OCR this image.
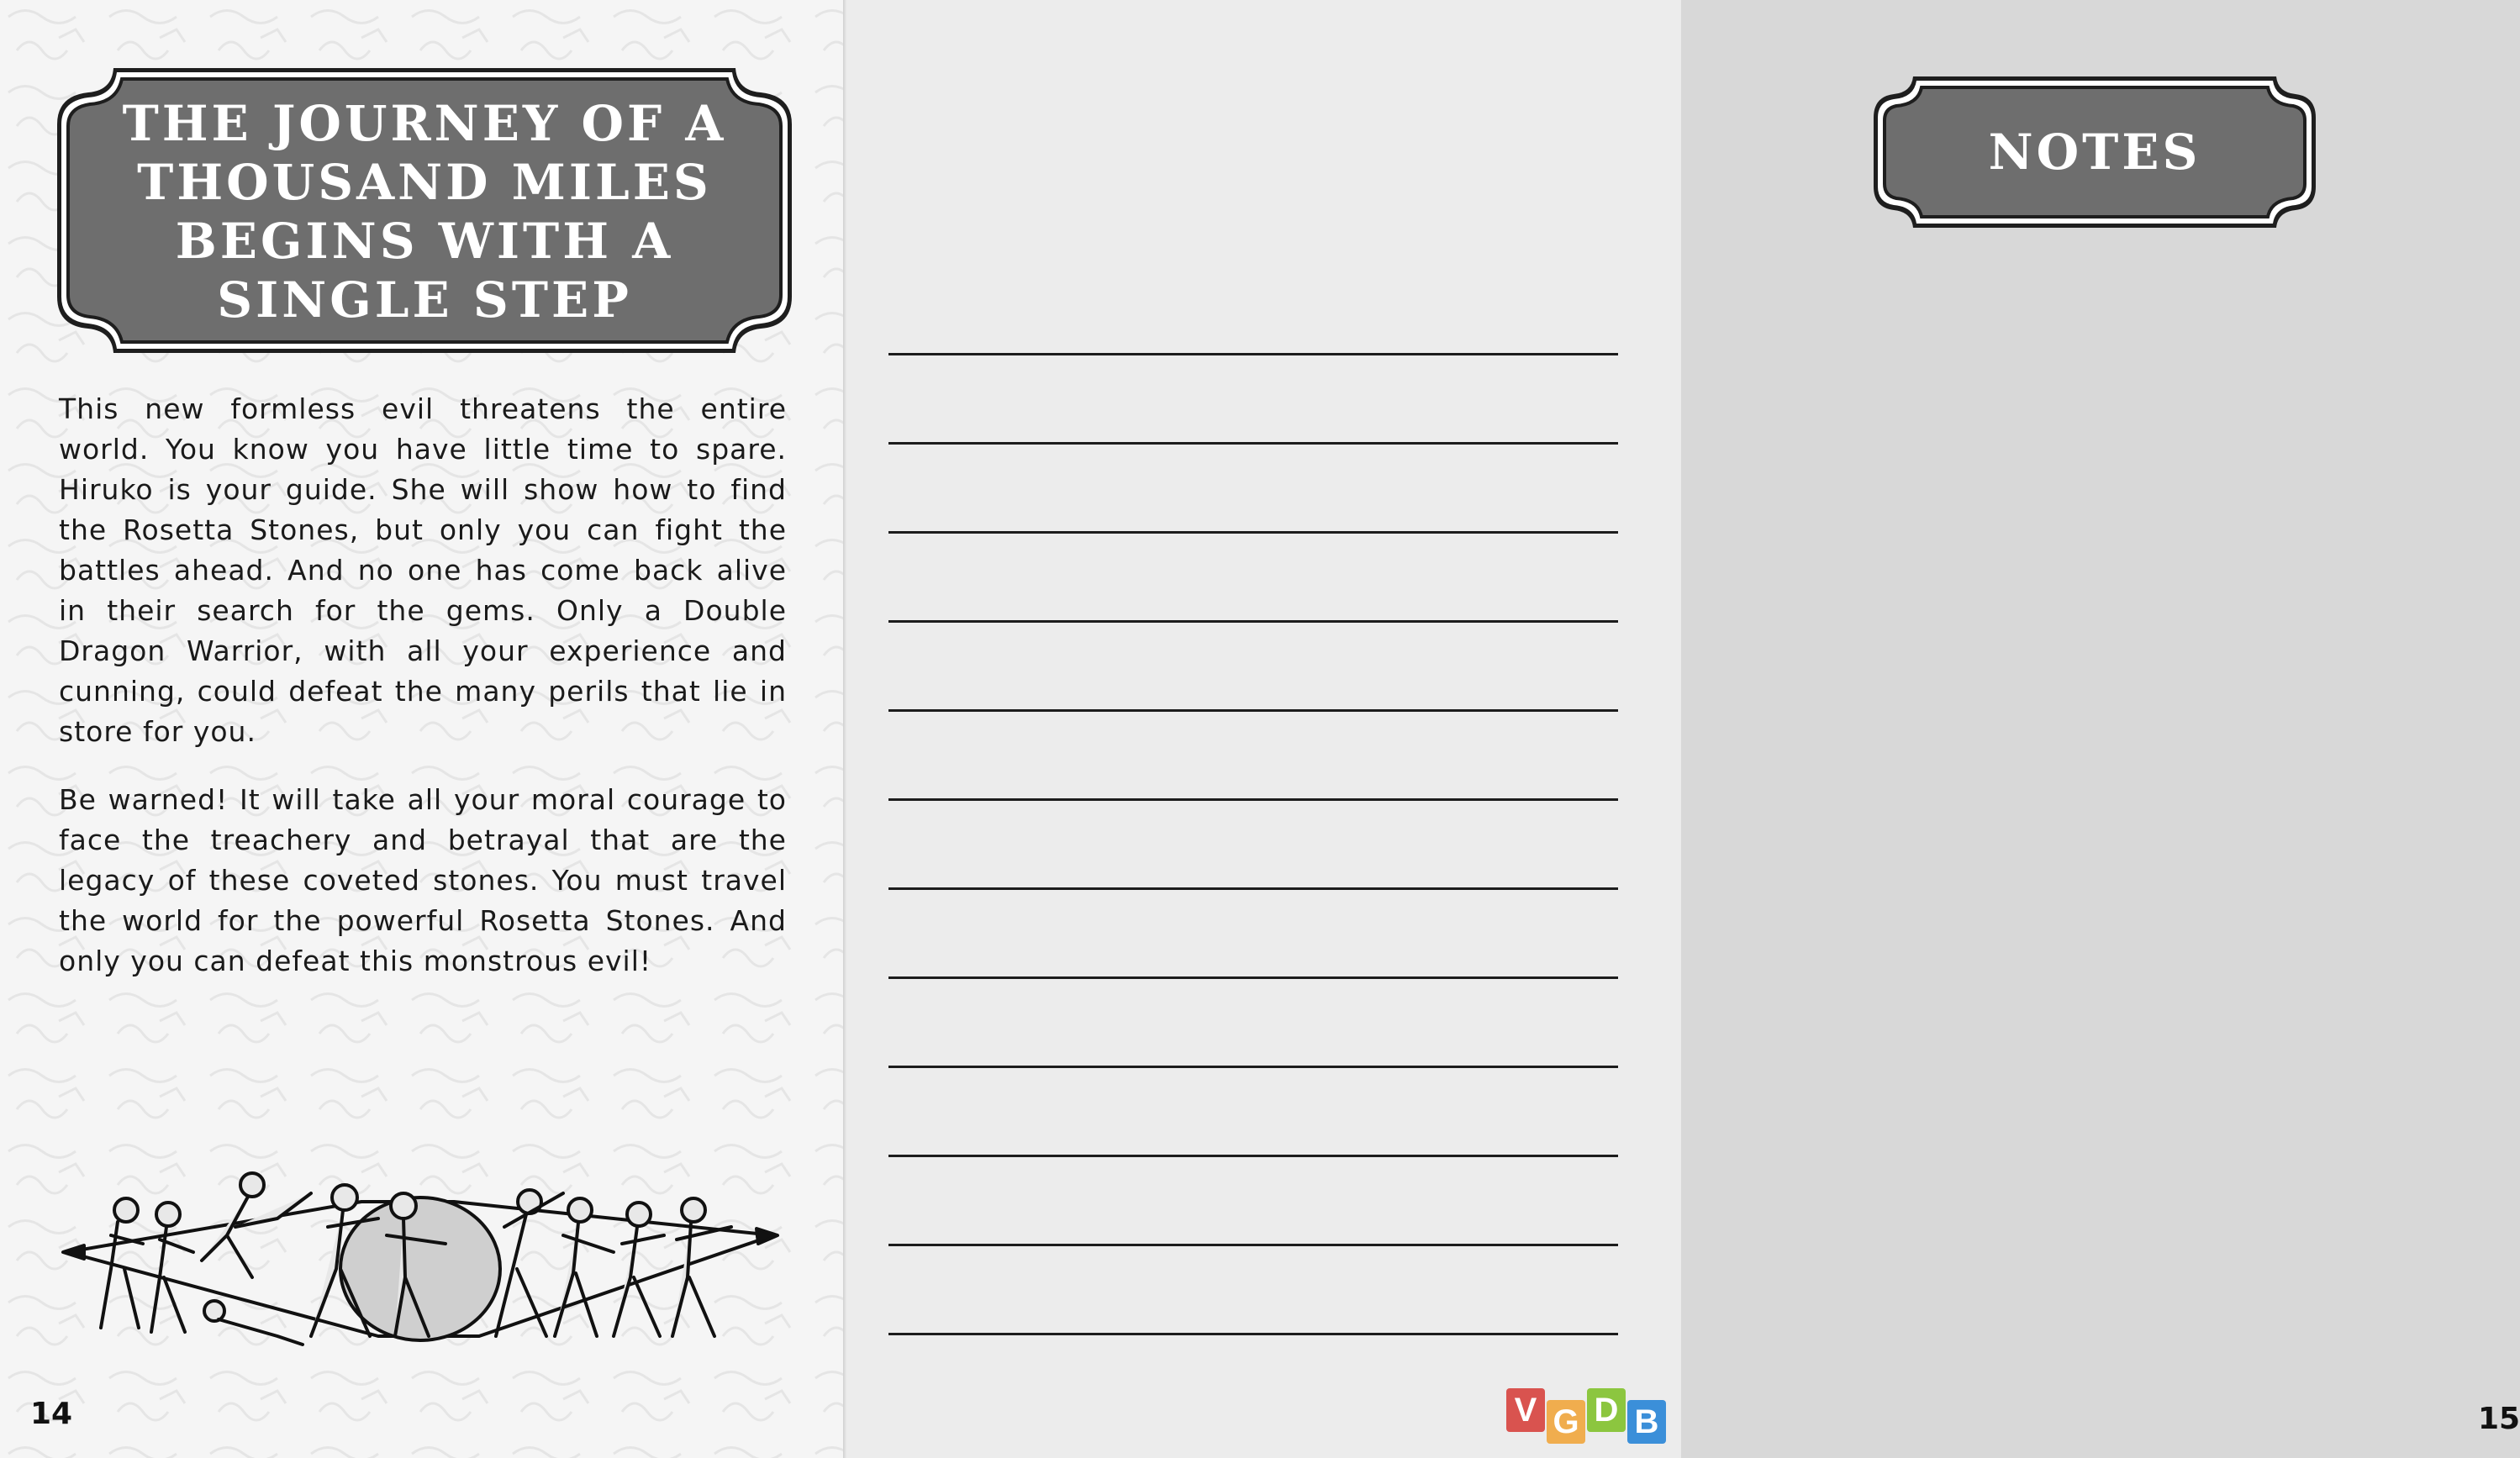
THE JOURNEY OF A
THOUSAND MILES
BEGINS WITH A
SINGLE STEP

This new formless evil threatens the entire world. You know you have little time to spare. Hiruko is your guide. She will show how to find the Rosetta Stones, but only you can fight the battles ahead. And no one has come back alive in their search for the gems. Only a Double Dragon Warrior, with all your experience and cunning, could defeat the many perils that lie in store for you.

Be warned! It will take all your moral courage to face the treachery and betrayal that are the legacy of these coveted stones. You must travel the world for the powerful Rosetta Stones. And only you can defeat this monstrous evil!

14
NOTES
15
V G D B
